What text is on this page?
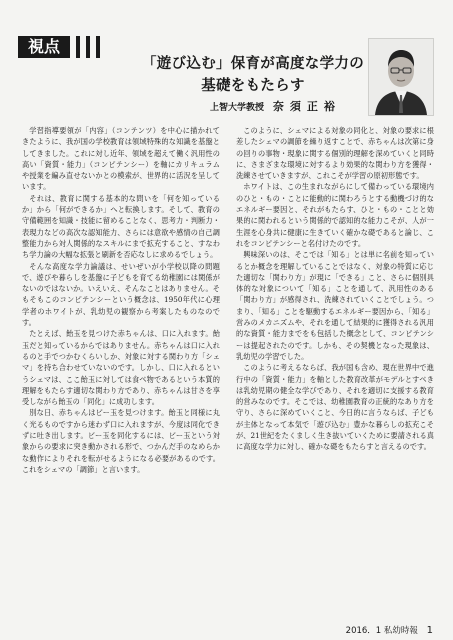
視点
「遊び込む」保育が高度な学力の
基礎をもたらす
上智大学教授 奈須正裕

学習指導要領が「内容」（コンテンツ）を中心に描かれてきたように、我が国の学校教育は領域特殊的な知識を基盤としてきました。これに対し近年、領域を超えて働く汎用性の高い「資質・能力」（コンピテンシー）を軸にカリキュラムや授業を編み直せないかとの模索が、世界的に活況を呈しています。

それは、教育に関する基本的な問いを「何を知っているか」から「何ができるか」へと転換します。そして、教育の守備範囲を知識・技能に留めることなく、思考力・判断力・表現力などの高次な認知能力、さらには意欲や感情の自己調整能力から対人関係的なスキルにまで拡充すること、すなわち学力論の大幅な拡張と刷新を否応なしに求めるでしょう。

そんな高度な学力論議は、せいぜいが小学校以降の問題で、遊びや暮らしを基盤に子どもを育てる幼稚園には関係がないのではないか。いえいえ、そんなことはありません。そもそもこのコンピテンシーという概念は、1950年代に心理学者のホワイトが、乳幼児の観察から考案したものなのです。

たとえば、飴玉を見つけた赤ちゃんは、口に入れます。飴玉だと知っているからではありません。赤ちゃんは口に入れるのと手でつかむくらいしか、対象に対する関わり方「シェマ」を持ち合わせていないのです。しかし、口に入れるというシェマは、ここ飴玉に対しては食べ物であるという本質的理解をもたらす適切な関わり方であり、赤ちゃんは甘さを享受しながら飴玉の「同化」に成功します。

別な日、赤ちゃんはビー玉を見つけます。飴玉と同様に丸く光るものですから迷わず口に入れますが、今度は同化できずに吐き出します。ビー玉を同化するには、ビー玉という対象からの要求に突き動かされる形で、つかんだ手のなめらかな動作によりそれを転がせるようになる必要があるのです。これをシェマの「調節」と言います。

このように、シェマによる対象の同化と、対象の要求に根差したシェマの調節を繰り返すことで、赤ちゃんは次第に身の回りの事物・現象に関する個別的理解を深めていくと同時に、さまざまな環境に対するより効果的な関わり方を獲得・洗練させていきますが、これこそが学習の原初形態です。

ホワイトは、この生まれながらにして備わっている環境内のひと・もの・ことに能動的に関わろうとする動機づけ的なエネルギー要因と、それがもたらす、ひと・もの・ことと効果的に関われるという関係的で認知的な能力こそが、人が一生涯を心身共に健康に生きていく確かな礎であると論じ、これをコンピテンシーと名付けたのです。

興味深いのは、そこでは「知る」とは単に名前を知っているとか概念を理解していることではなく、対象の特質に応じた適切な「関わり方」が現に「できる」こと、さらに個別具体的な対象について「知る」ことを通して、汎用性のある「関わり方」が感得され、洗練されていくことでしょう。つまり、「知る」ことを駆動するエネルギー要因から、「知る」営みのメカニズムや、それを通して結果的に獲得される汎用的な資質・能力までをも包括した概念として、コンピテンシーは提起されたのです。しかも、その契機となった現象は、乳幼児の学習でした。

このように考えるならば、我が国も含め、現在世界中で進行中の「資質・能力」を軸とした教育改革がモデルとすべきは乳幼児期の健全な学びであり、それを適切に支援する教育的営みなのです。そこでは、幼稚園教育の正統的なあり方を守り、さらに深めていくこと、今日的に言うならば、子どもが主体となって本気で「遊び込む」豊かな暮らしの拡充こそが、21世紀をたくましく生き抜いていくために要請される真に高度な学力に対し、確かな礎をもたらすと言えるのです。

2016．1 私幼時報 1
